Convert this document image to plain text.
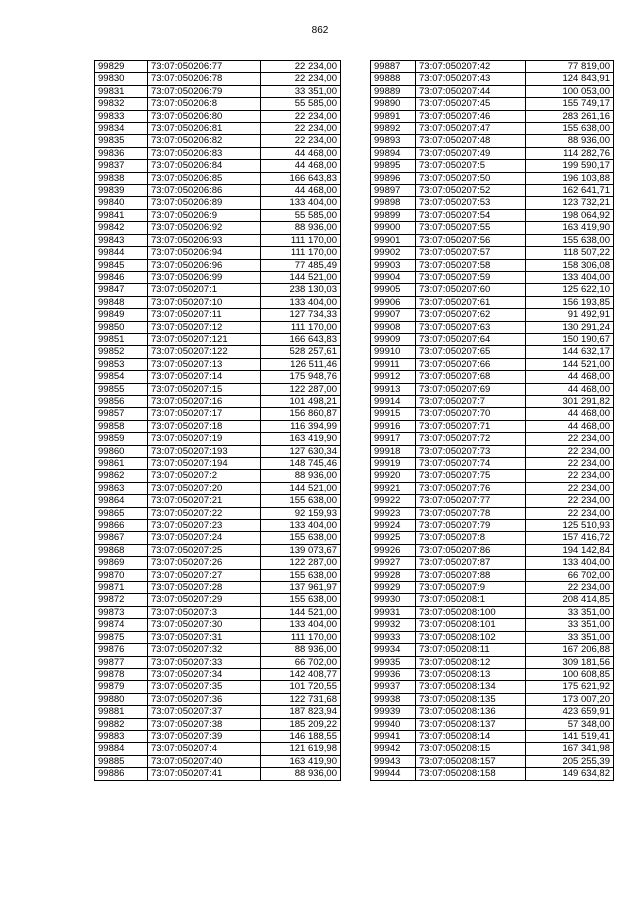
862
99829	73:07:050206:77	22 234,00
99830	73:07:050206:78	22 234,00
99831	73:07:050206:79	33 351,00
99832	73:07:050206:8	55 585,00
99833	73:07:050206:80	22 234,00
99834	73:07:050206:81	22 234,00
99835	73:07:050206:82	22 234,00
99836	73:07:050206:83	44 468,00
99837	73:07:050206:84	44 468,00
99838	73:07:050206:85	166 643,83
99839	73:07:050206:86	44 468,00
99840	73:07:050206:89	133 404,00
99841	73:07:050206:9	55 585,00
99842	73:07:050206:92	88 936,00
99843	73:07:050206:93	111 170,00
99844	73:07:050206:94	111 170,00
99845	73:07:050206:96	77 485,49
99846	73:07:050206:99	144 521,00
99847	73:07:050207:1	238 130,03
99848	73:07:050207:10	133 404,00
99849	73:07:050207:11	127 734,33
99850	73:07:050207:12	111 170,00
99851	73:07:050207:121	166 643,83
99852	73:07:050207:122	528 257,61
99853	73:07:050207:13	126 511,46
99854	73:07:050207:14	175 948,76
99855	73:07:050207:15	122 287,00
99856	73:07:050207:16	101 498,21
99857	73:07:050207:17	156 860,87
99858	73:07:050207:18	116 394,99
99859	73:07:050207:19	163 419,90
99860	73:07:050207:193	127 630,34
99861	73:07:050207:194	148 745,46
99862	73:07:050207:2	88 936,00
99863	73:07:050207:20	144 521,00
99864	73:07:050207:21	155 638,00
99865	73:07:050207:22	92 159,93
99866	73:07:050207:23	133 404,00
99867	73:07:050207:24	155 638,00
99868	73:07:050207:25	139 073,67
99869	73:07:050207:26	122 287,00
99870	73:07:050207:27	155 638,00
99871	73:07:050207:28	137 961,97
99872	73:07:050207:29	155 638,00
99873	73:07:050207:3	144 521,00
99874	73:07:050207:30	133 404,00
99875	73:07:050207:31	111 170,00
99876	73:07:050207:32	88 936,00
99877	73:07:050207:33	66 702,00
99878	73:07:050207:34	142 408,77
99879	73:07:050207:35	101 720,55
99880	73:07:050207:36	122 731,68
99881	73:07:050207:37	187 823,94
99882	73:07:050207:38	185 209,22
99883	73:07:050207:39	146 188,55
99884	73:07:050207:4	121 619,98
99885	73:07:050207:40	163 419,90
99886	73:07:050207:41	88 936,00
99887	73:07:050207:42	77 819,00
99888	73:07:050207:43	124 843,91
99889	73:07:050207:44	100 053,00
99890	73:07:050207:45	155 749,17
99891	73:07:050207:46	283 261,16
99892	73:07:050207:47	155 638,00
99893	73:07:050207:48	88 936,00
99894	73:07:050207:49	114 282,76
99895	73:07:050207:5	199 590,17
99896	73:07:050207:50	196 103,88
99897	73:07:050207:52	162 641,71
99898	73:07:050207:53	123 732,21
99899	73:07:050207:54	198 064,92
99900	73:07:050207:55	163 419,90
99901	73:07:050207:56	155 638,00
99902	73:07:050207:57	118 507,22
99903	73:07:050207:58	158 306,08
99904	73:07:050207:59	133 404,00
99905	73:07:050207:60	125 622,10
99906	73:07:050207:61	156 193,85
99907	73:07:050207:62	91 492,91
99908	73:07:050207:63	130 291,24
99909	73:07:050207:64	150 190,67
99910	73:07:050207:65	144 632,17
99911	73:07:050207:66	144 521,00
99912	73:07:050207:68	44 468,00
99913	73:07:050207:69	44 468,00
99914	73:07:050207:7	301 291,82
99915	73:07:050207:70	44 468,00
99916	73:07:050207:71	44 468,00
99917	73:07:050207:72	22 234,00
99918	73:07:050207:73	22 234,00
99919	73:07:050207:74	22 234,00
99920	73:07:050207:75	22 234,00
99921	73:07:050207:76	22 234,00
99922	73:07:050207:77	22 234,00
99923	73:07:050207:78	22 234,00
99924	73:07:050207:79	125 510,93
99925	73:07:050207:8	157 416,72
99926	73:07:050207:86	194 142,84
99927	73:07:050207:87	133 404,00
99928	73:07:050207:88	66 702,00
99929	73:07:050207:9	22 234,00
99930	73:07:050208:1	208 414,85
99931	73:07:050208:100	33 351,00
99932	73:07:050208:101	33 351,00
99933	73:07:050208:102	33 351,00
99934	73:07:050208:11	167 206,88
99935	73:07:050208:12	309 181,56
99936	73:07:050208:13	100 608,85
99937	73:07:050208:134	175 621,92
99938	73:07:050208:135	173 007,20
99939	73:07:050208:136	423 659,91
99940	73:07:050208:137	57 348,00
99941	73:07:050208:14	141 519,41
99942	73:07:050208:15	167 341,98
99943	73:07:050208:157	205 255,39
99944	73:07:050208:158	149 634,82
